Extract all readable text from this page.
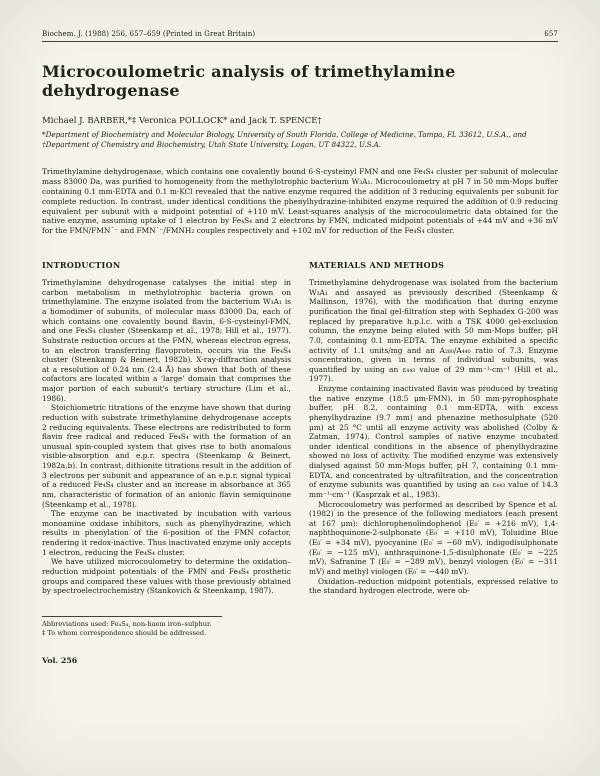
Biochem. J. (1988) 256, 657–659 (Printed in Great Britain)	657
Microcoulometric analysis of trimethylamine dehydrogenase

Michael J. BARBER,*‡ Veronica POLLOCK* and Jack T. SPENCE†

*Department of Biochemistry and Molecular Biology, University of South Florida, College of Medicine, Tampa, FL 33612, U.S.A., and †Department of Chemistry and Biochemistry, Utah State University, Logan, UT 84322, U.S.A.

Trimethylamine dehydrogenase, which contains one covalently bound 6-S-cysteinyl FMN and one Fe₄S₄ cluster per subunit of molecular mass 83000 Da, was purified to homogeneity from the methylotrophic bacterium W₃A₁. Microcoulometry at pH 7 in 50 mm-Mops buffer containing 0.1 mm-EDTA and 0.1 m-KCl revealed that the native enzyme required the addition of 3 reducing equivalents per subunit for complete reduction. In contrast, under identical conditions the phenylhydrazine-inhibited enzyme required the addition of 0.9 reducing equivalent per subunit with a midpoint potential of +110 mV. Least-squares analysis of the microcoulometric data obtained for the native enzyme, assuming uptake of 1 electron by Fe₄S₄ and 2 electrons by FMN, indicated midpoint potentials of +44 mV and +36 mV for the FMN/FMN˙⁻ and FMN˙⁻/FMNH₂ couples respectively and +102 mV for reduction of the Fe₄S₄ cluster.
INTRODUCTION

Trimethylamine dehydrogenase catalyses the initial step in carbon metabolism in methylotrophic bacteria grown on trimethylamine. The enzyme isolated from the bacterium W₃A₁ is a homodimer of subunits, of molecular mass 83000 Da, each of which contains one covalently bound flavin, 6-S-cysteinyl-FMN, and one Fe₄S₄ cluster (Steenkamp et al., 1978; Hill et al., 1977). Substrate reduction occurs at the FMN, whereas electron egress, to an electron transferring flavoprotein, occurs via the Fe₄S₄ cluster (Steenkamp & Beinert, 1982b). X-ray-diffraction analysis at a resolution of 0.24 nm (2.4 Å) has shown that both of these cofactors are located within a ‘large’ domain that comprises the major portion of each subunit's tertiary structure (Lim et al., 1986).

Stoichiometric titrations of the enzyme have shown that during reduction with substrate trimethylamine dehydrogenase accepts 2 reducing equivalents. These electrons are redistributed to form flavin free radical and reduced Fe₄S₄ with the formation of an unusual spin-coupled system that gives rise to both anomalous visible-absorption and e.p.r. spectra (Steenkamp & Beinert, 1982a,b). In contrast, dithionite titrations result in the addition of 3 electrons per subunit and appearance of an e.p.r. signal typical of a reduced Fe₄S₄ cluster and an increase in absorbance at 365 nm, characteristic of formation of an anionic flavin semiquinone (Steenkamp et al., 1978).

The enzyme can be inactivated by incubation with various monoamine oxidase inhibitors, such as phenylhydrazine, which results in phenylation of the 6-position of the FMN cofactor, rendering it redox-inactive. Thus inactivated enzyme only accepts 1 electron, reducing the Fe₄S₄ cluster.

We have utilized microcoulometry to determine the oxidation–reduction midpoint potentials of the FMN and Fe₄S₄ prosthetic groups and compared these values with those previously obtained by spectroelectrochemistry (Stankovich & Steenkamp, 1987).

MATERIALS AND METHODS

Trimethylamine dehydrogenase was isolated from the bacterium W₃A₁ and assayed as previously described (Steenkamp & Mallinson, 1976), with the modification that during enzyme purification the final gel-filtration step with Sephadex G-200 was replaced by preparative h.p.l.c. with a TSK 4000 gel-exclusion column, the enzyme being eluted with 50 mm-Mops buffer, pH 7.0, containing 0.1 mm-EDTA. The enzyme exhibited a specific activity of 1.1 units/mg and an A₂₈₀/A₄₄₀ ratio of 7.3. Enzyme concentration, given in terms of individual subunits, was quantified by using an ε₄₄₃ value of 29 mm⁻¹·cm⁻¹ (Hill et al., 1977).

Enzyme containing inactivated flavin was produced by treating the native enzyme (18.5 μm-FMN), in 50 mm-pyrophosphate buffer, pH 8.2, containing 0.1 mm-EDTA, with excess phenylhydrazine (9.7 mm) and phenazine methosulphate (520 μm) at 25 °C until all enzyme activity was abolished (Colby & Zatman, 1974). Control samples of native enzyme incubated under identical conditions in the absence of phenylhydrazine showed no loss of activity. The modified enzyme was extensively dialysed against 50 mm-Mops buffer, pH 7, containing 0.1 mm-EDTA, and concentrated by ultrafiltration, and the concentration of enzyme subunits was quantified by using an ε₄₄₃ value of 14.3 mm⁻¹·cm⁻¹ (Kasprzak et al., 1983).

Microcoulometry was performed as described by Spence et al. (1982) in the presence of the following mediators (each present at 167 μm): dichlorophenolindophenol (E₀′ = +216 mV), 1,4-naphthoquinone-2-sulphonate (E₀′ = +110 mV), Toluidine Blue (E₀′ = +34 mV), pyocyanine (E₀′ = −60 mV), indigodisulphonate (E₀′ = −125 mV), anthraquinone-1,5-disulphonate (E₀′ = −225 mV), Safranine T (E₀′ = −289 mV), benzyl viologen (E₀′ = −311 mV) and methyl viologen (E₀′ = −440 mV).

Oxidation–reduction midpoint potentials, expressed relative to the standard hydrogen electrode, were ob-

Abbreviations used: Fe₄S₄, non-haem iron–sulphur.

‡ To whom correspondence should be addressed.

Vol. 256
